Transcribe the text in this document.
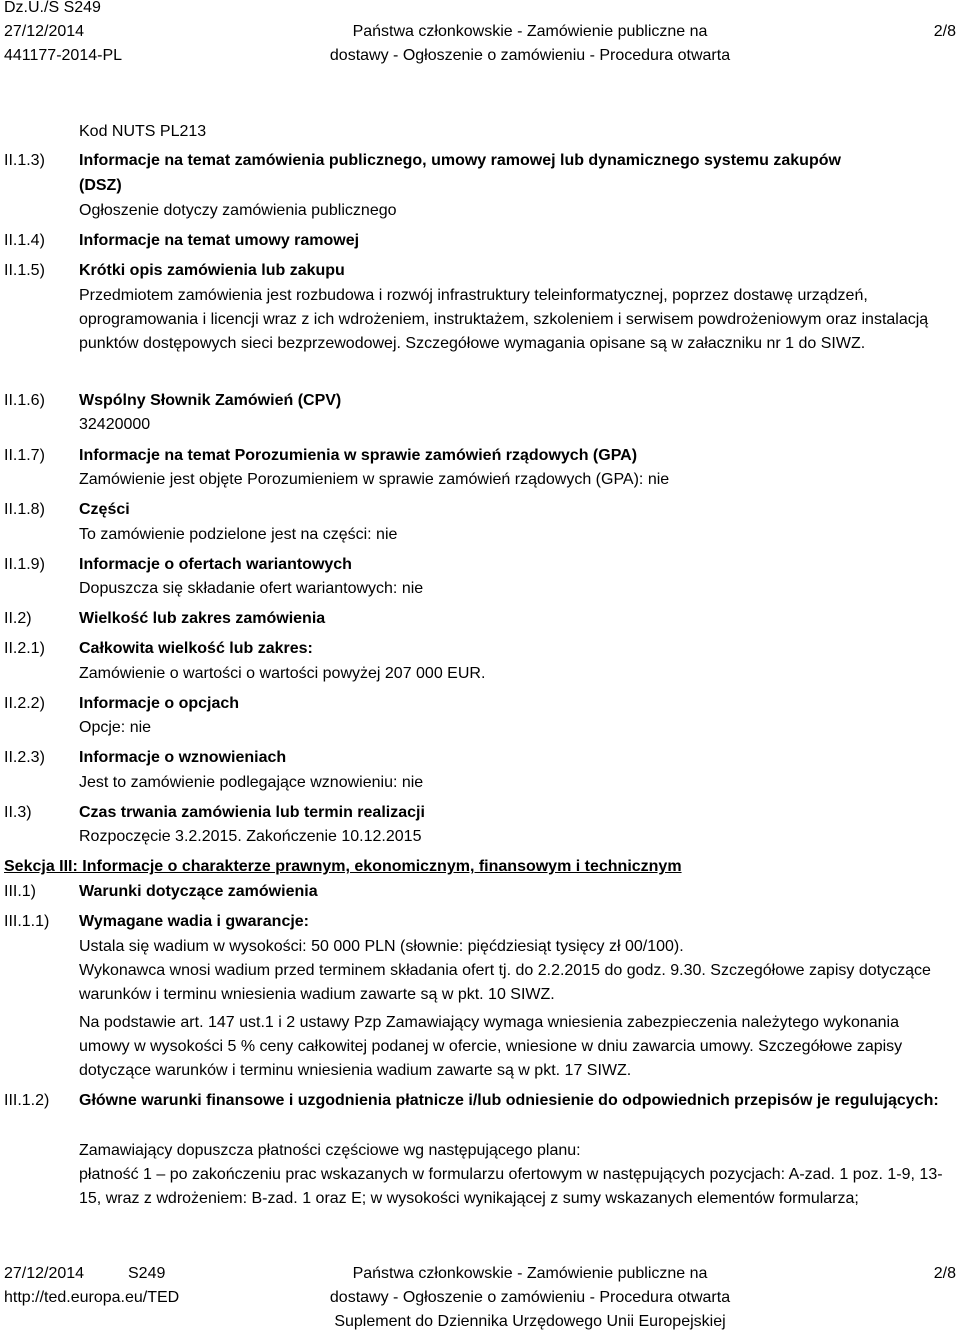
Dz.U./S S249
27/12/2014
441177-2014-PL
Państwa członkowskie - Zamówienie publiczne na
dostawy - Ogłoszenie o zamówieniu - Procedura otwarta
2/8
Kod NUTS PL213
II.1.3) Informacje na temat zamówienia publicznego, umowy ramowej lub dynamicznego systemu zakupów
(DSZ)
Ogłoszenie dotyczy zamówienia publicznego
II.1.4) Informacje na temat umowy ramowej
II.1.5) Krótki opis zamówienia lub zakupu
Przedmiotem zamówienia jest rozbudowa i rozwój infrastruktury teleinformatycznej, poprzez dostawę urządzeń, oprogramowania i licencji wraz z ich wdrożeniem, instruktażem, szkoleniem i serwisem powdrożeniowym oraz instalacją punktów dostępowych sieci bezprzewodowej. Szczegółowe wymagania opisane są w załaczniku nr 1 do SIWZ.
II.1.6) Wspólny Słownik Zamówień (CPV)
32420000
II.1.7) Informacje na temat Porozumienia w sprawie zamówień rządowych (GPA)
Zamówienie jest objęte Porozumieniem w sprawie zamówień rządowych (GPA): nie
II.1.8) Części
To zamówienie podzielone jest na części: nie
II.1.9) Informacje o ofertach wariantowych
Dopuszcza się składanie ofert wariantowych: nie
II.2)	Wielkość lub zakres zamówienia
II.2.1) Całkowita wielkość lub zakres:
Zamówienie o wartości o wartości powyżej 207 000 EUR.
II.2.2) Informacje o opcjach
Opcje: nie
II.2.3) Informacje o wznowieniach
Jest to zamówienie podlegające wznowieniu: nie
II.3)	Czas trwania zamówienia lub termin realizacji
Rozpoczęcie 3.2.2015. Zakończenie 10.12.2015
Sekcja III: Informacje o charakterze prawnym, ekonomicznym, finansowym i technicznym
III.1)	Warunki dotyczące zamówienia
III.1.1) Wymagane wadia i gwarancje:
Ustala się wadium w wysokości: 50 000 PLN (słownie: pięćdziesiąt tysięcy zł 00/100).
Wykonawca wnosi wadium przed terminem składania ofert tj. do 2.2.2015 do godz. 9.30. Szczegółowe zapisy dotyczące warunków i terminu wniesienia wadium zawarte są w pkt. 10 SIWZ.
Na podstawie art. 147 ust.1 i 2 ustawy Pzp Zamawiający wymaga wniesienia zabezpieczenia należytego wykonania umowy w wysokości 5 % ceny całkowitej podanej w ofercie, wniesione w dniu zawarcia umowy. Szczegółowe zapisy dotyczące warunków i terminu wniesienia wadium zawarte są w pkt. 17 SIWZ.
III.1.2) Główne warunki finansowe i uzgodnienia płatnicze i/lub odniesienie do odpowiednich przepisów je regulujących:
Zamawiający dopuszcza płatności częściowe wg następującego planu:
płatność 1 – po zakończeniu prac wskazanych w formularzu ofertowym w następujących pozycjach: A-zad. 1 poz. 1-9, 13-15, wraz z wdrożeniem: B-zad. 1 oraz E; w wysokości wynikającej z sumy wskazanych elementów formularza;
27/12/2014	S249
http://ted.europa.eu/TED
Państwa członkowskie - Zamówienie publiczne na
dostawy - Ogłoszenie o zamówieniu - Procedura otwarta
Suplement do Dziennika Urzędowego Unii Europejskiej
2/8
